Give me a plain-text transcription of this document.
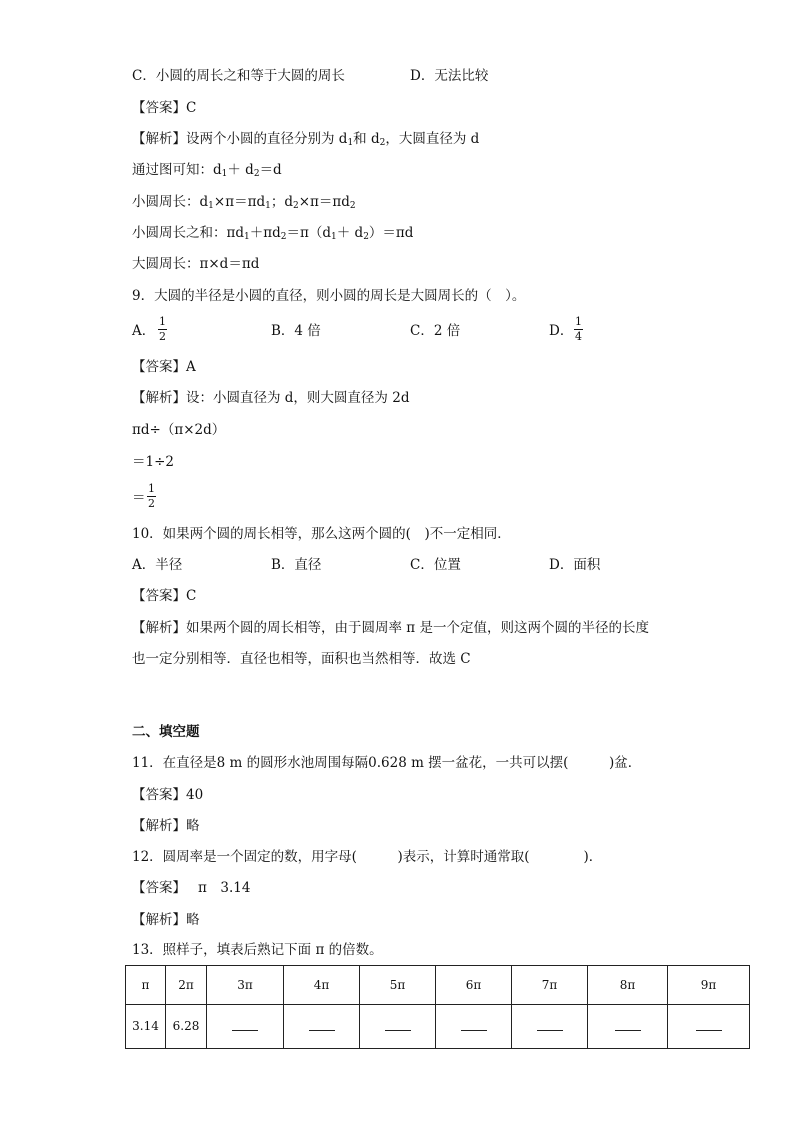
C．小圆的周长之和等于大圆的周长	D．无法比较
【答案】C
【解析】设两个小圆的直径分别为 $d_1$和 $d_2$，大圆直径为 d
通过图可知：$d_1+ d_2=d$
小圆周长：$d_1\times\pi=\pi d_1$；$d_2\times\pi=\pi d_2$
小圆周长之和：$\pi d_1+\pi d_2=\pi(d_1+ d_2)=\pi d$
大圆周长：π×d＝πd
9．大圆的半径是小圆的直径，则小圆的周长是大圆周长的（　）。
A．
1
2	B．4 倍	C．2 倍	D．
1
4
【答案】A
【解析】设：小圆直径为 d，则大圆直径为 2d
πd÷（π×2d）
＝1÷2
＝
1
2
10．如果两个圆的周长相等，那么这两个圆的(　)不一定相同．
A．半径	B．直径	C．位置	D．面积
【答案】C
【解析】如果两个圆的周长相等，由于圆周率 π 是一个定值，则这两个圆的半径的长度
也一定分别相等．直径也相等，面积也当然相等．故选 C
二、填空题
11．在直径是8 m 的圆形水池周围每隔0.628 m 摆一盆花，一共可以摆(　　　)盆．
【答案】40
【解析】略
12．圆周率是一个固定的数，用字母(　　　)表示，计算时通常取(　　　　)．
【答案】 π　3.14
【解析】略
13．照样子，填表后熟记下面 π 的倍数。
π	2π	3π	4π	5π	6π	7π	8π	9π
3.14	6.28							
